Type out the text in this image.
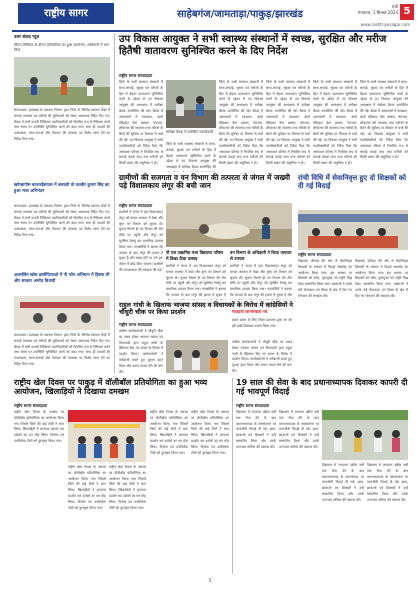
राष्ट्रीय सागर	साहेबगंज/जामताड़ा/पाकुड़/झारखंड
रांची
मंगलवार, 1 सितंबर 2024 5
www.rashtriyasagar.com
उत्तर संवाद न्यूज़
सीएम मिनिस्टर के दौरान प्रतियोगिता का हुआ आयोजन, अभियानों में भाग लिया
संवाददाता। झारखंड के स्वास्थ्य विभाग द्वारा जिले के विभिन्न स्वास्थ्य केंद्रों में सफाई व्यवस्था एवं मरीजों की सुविधाओं को लेकर आवश्यक निर्देश दिए गए। बैठक में सभी प्रभारी चिकित्सा पदाधिकारियों को नियमित रूप से निरीक्षण करने तथा समय पर उपस्थिति सुनिश्चित करने को कहा गया। साथ ही दवाओं की उपलब्धता, साफ-सफाई और पेयजल की व्यवस्था पर विशेष ध्यान देने का निर्देश दिया गया।
खरेरबागोस बाजारहैसाउस में बलवती तो तलवीर कुमार सिंह का हुआ भव्य अभिनंदन
संवाददाता। झारखंड के स्वास्थ्य विभाग द्वारा जिले के विभिन्न स्वास्थ्य केंद्रों में सफाई व्यवस्था एवं मरीजों की सुविधाओं को लेकर आवश्यक निर्देश दिए गए। बैठक में सभी प्रभारी चिकित्सा पदाधिकारियों को नियमित रूप से निरीक्षण करने तथा समय पर उपस्थिति सुनिश्चित करने को कहा गया। साथ ही दवाओं की उपलब्धता, साफ-सफाई और पेयजल की व्यवस्था पर विशेष ध्यान देने का निर्देश दिया गया।
अलसीबैग खोस इस्तीफियाओ में पी फोन अभियान में हिस्सा ली और सरकार अमरेठ विधायी
संवाददाता। झारखंड के स्वास्थ्य विभाग द्वारा जिले के विभिन्न स्वास्थ्य केंद्रों में सफाई व्यवस्था एवं मरीजों की सुविधाओं को लेकर आवश्यक निर्देश दिए गए। बैठक में सभी प्रभारी चिकित्सा पदाधिकारियों को नियमित रूप से निरीक्षण करने तथा समय पर उपस्थिति सुनिश्चित करने को कहा गया। साथ ही दवाओं की उपलब्धता, साफ-सफाई और पेयजल की व्यवस्था पर विशेष ध्यान देने का निर्देश दिया गया।
उप विकास आयुक्त ने सभी स्वास्थ्य संस्थानों में स्वच्छ, सुरक्षित और मरीज हितैषी वातावरण सुनिश्चित करने के दिए निर्देश
राष्ट्रीय सागर संवाददाता
जिले के सभी स्वास्थ्य संस्थानों में साफ-सफाई, सुरक्षा एवं मरीजों के हित में बेहतर वातावरण सुनिश्चित करने के उद्देश्य से उप विकास आयुक्त की अध्यक्षता में समीक्षा बैठक आयोजित की गई। बैठक में अस्पतालों में स्वच्छता, बायो मेडिकल वेस्ट प्रबंधन, पेयजल, शौचालय की व्यवस्था तथा मरीजों के बैठने की सुविधा पर विस्तार से चर्चा की गई। उप विकास आयुक्त ने सभी पदाधिकारियों को निर्देश दिया कि अस्पताल परिसर में नियमित रूप से सफाई कराई जाए तथा मरीजों को किसी प्रकार की असुविधा न हो।
समीक्षा बैठक में उपस्थित पदाधिकारी
जिले के सभी स्वास्थ्य संस्थानों में साफ-सफाई, सुरक्षा एवं मरीजों के हित में बेहतर वातावरण सुनिश्चित करने के उद्देश्य से उप विकास आयुक्त की अध्यक्षता में समीक्षा बैठक आयोजित की
जिले के सभी स्वास्थ्य संस्थानों में साफ-सफाई, सुरक्षा एवं मरीजों के हित में बेहतर वातावरण सुनिश्चित करने के उद्देश्य से उप विकास आयुक्त की अध्यक्षता में समीक्षा बैठक आयोजित की गई। बैठक में अस्पतालों में स्वच्छता, बायो मेडिकल वेस्ट प्रबंधन, पेयजल, शौचालय की व्यवस्था तथा मरीजों के बैठने की सुविधा पर विस्तार से चर्चा की गई। उप विकास आयुक्त ने सभी पदाधिकारियों को निर्देश दिया कि अस्पताल परिसर में नियमित रूप से सफाई कराई जाए तथा मरीजों को किसी प्रकार की असुविधा न हो।
जिले के सभी स्वास्थ्य संस्थानों में साफ-सफाई, सुरक्षा एवं मरीजों के हित में बेहतर वातावरण सुनिश्चित करने के उद्देश्य से उप विकास आयुक्त की अध्यक्षता में समीक्षा बैठक आयोजित की गई। बैठक में अस्पतालों में स्वच्छता, बायो मेडिकल वेस्ट प्रबंधन, पेयजल, शौचालय की व्यवस्था तथा मरीजों के बैठने की सुविधा पर विस्तार से चर्चा की गई। उप विकास आयुक्त ने सभी पदाधिकारियों को निर्देश दिया कि अस्पताल परिसर में नियमित रूप से सफाई कराई जाए तथा मरीजों को किसी प्रकार की असुविधा न हो।
जिले के सभी स्वास्थ्य संस्थानों में साफ-सफाई, सुरक्षा एवं मरीजों के हित में बेहतर वातावरण सुनिश्चित करने के उद्देश्य से उप विकास आयुक्त की अध्यक्षता में समीक्षा बैठक आयोजित की गई। बैठक में अस्पतालों में स्वच्छता, बायो मेडिकल वेस्ट प्रबंधन, पेयजल, शौचालय की व्यवस्था तथा मरीजों के बैठने की सुविधा पर विस्तार से चर्चा की गई। उप विकास आयुक्त ने सभी पदाधिकारियों को निर्देश दिया कि अस्पताल परिसर में नियमित रूप से सफाई कराई जाए तथा मरीजों को किसी प्रकार की असुविधा न हो।
जिले के सभी स्वास्थ्य संस्थानों में साफ-सफाई, सुरक्षा एवं मरीजों के हित में बेहतर वातावरण सुनिश्चित करने के उद्देश्य से उप विकास आयुक्त की अध्यक्षता में समीक्षा बैठक आयोजित की गई। बैठक में अस्पतालों में स्वच्छता, बायो मेडिकल वेस्ट प्रबंधन, पेयजल, शौचालय की व्यवस्था तथा मरीजों के बैठने की सुविधा पर विस्तार से चर्चा की गई। उप विकास आयुक्त ने सभी पदाधिकारियों को निर्देश दिया कि अस्पताल परिसर में नियमित रूप से सफाई कराई जाए तथा मरीजों को किसी प्रकार की असुविधा न हो।
ग्रामीणों की सजगता व वन विभाग की तत्परता से जंगल में जख्मी पड़े विशालकाय लंगूर की बची जान
राष्ट्रीय सागर संवाददाता
ग्रामीणों ने जंगल में एक विशालकाय लंगूर को घायल अवस्था में देखा और तुरंत वन विभाग को सूचना दी। सूचना मिलते ही वन विभाग की टीम मौके पर पहुंची और लंगूर को सुरक्षित रेस्क्यू कर प्राथमिक उपचार किया गया। वनकर्मियों ने बताया कि उपचार के बाद लंगूर की हालत में सुधार है और स्वस्थ होने पर उसे पुनः जंगल में छोड़ दिया जाएगा। ग्रामीणों की जागरूकता की सराहना की गई।
पी एस उत्क्रमित मध्य विद्यालय परिसर में दिखा ऊँचा उत्साह
ग्रामीणों ने जंगल में एक विशालकाय लंगूर को घायल अवस्था में देखा और तुरंत वन विभाग को सूचना दी। सूचना मिलते ही वन विभाग की टीम मौके पर पहुंची और लंगूर को सुरक्षित रेस्क्यू कर प्राथमिक उपचार किया गया। वनकर्मियों ने बताया कि उपचार के बाद लंगूर की हालत में सुधार है
वन विभाग के अधिकारी ने किया तत्परता से उपचार
ग्रामीणों ने जंगल में एक विशालकाय लंगूर को घायल अवस्था में देखा और तुरंत वन विभाग को सूचना दी। सूचना मिलते ही वन विभाग की टीम मौके पर पहुंची और लंगूर को सुरक्षित रेस्क्यू कर प्राथमिक उपचार किया गया। वनकर्मियों ने बताया कि उपचार के बाद लंगूर की हालत में सुधार है और
रांची विधि में सेवानिवृत्त हुए दो शिक्षकों को दी गई विदाई
राष्ट्रीय सागर संवाददाता
विद्यालय परिवार की ओर से सेवानिवृत्त शिक्षकों के सम्मान में विदाई समारोह का आयोजन किया गया। इस अवसर पर शिक्षकों को शॉल, पुष्पगुच्छ एवं स्मृति चिह्न देकर सम्मानित किया गया। वक्ताओं ने उनके लंबे सेवाकाल एवं शिक्षा के क्षेत्र में दिए गए योगदान की सराहना की।
विद्यालय परिवार की ओर से सेवानिवृत्त शिक्षकों के सम्मान में विदाई समारोह का आयोजन किया गया। इस अवसर पर शिक्षकों को शॉल, पुष्पगुच्छ एवं स्मृति चिह्न देकर सम्मानित किया गया। वक्ताओं ने उनके लंबे सेवाकाल एवं शिक्षा के क्षेत्र में दिए गए योगदान की सराहना की।
मतदाता जागरूकता रथ
प्रचार प्रसार के लिए जिला प्रशासन द्वारा रथ को हरी झंडी दिखाकर रवाना किया गया।
राहुल गांधी के खिलाफ भाजपा सांसद व विधायकों के विरोध में कांग्रेसियों ने चौधुरी चौक पर किया प्रदर्शन
राष्ट्रीय सागर संवाददाता
कांग्रेस कार्यकर्ताओं ने चौधुरी चौक पर एकत्र होकर भाजपा सांसद एवं विधायकों द्वारा राहुल गांधी के खिलाफ दिए गए बयान के विरोध में प्रदर्शन किया। कार्यकर्ताओं ने नारेबाजी करते हुए पुतला दहन किया और बयान वापस लेने की मांग की।
कांग्रेस कार्यकर्ताओं ने चौधुरी चौक पर एकत्र होकर भाजपा सांसद एवं विधायकों द्वारा राहुल गांधी के खिलाफ दिए गए बयान के विरोध में प्रदर्शन किया। कार्यकर्ताओं ने नारेबाजी करते हुए पुतला दहन किया और बयान वापस लेने की मांग की।
राष्ट्रीय खेल दिवस पर पाकुड़ में वॉलीबॉल प्रतियोगिता का हुआ भव्य आयोजन, खिलाड़ियों ने दिखाया दमखम
राष्ट्रीय सागर संवाददाता
राष्ट्रीय खेल दिवस के अवसर पर वॉलीबॉल प्रतियोगिता का आयोजन किया गया जिसमें जिले की कई टीमों ने भाग लिया। खिलाड़ियों ने शानदार प्रदर्शन कर दर्शकों का मन मोह लिया। विजेता एवं उपविजेता टीमों को पुरस्कृत किया गया।
राष्ट्रीय खेल दिवस के अवसर पर वॉलीबॉल प्रतियोगिता का आयोजन किया गया जिसमें जिले की कई टीमों ने भाग लिया। खिलाड़ियों ने शानदार प्रदर्शन कर दर्शकों का मन मोह लिया। विजेता एवं उपविजेता टीमों को पुरस्कृत किया गया।
राष्ट्रीय खेल दिवस के अवसर पर वॉलीबॉल प्रतियोगिता का आयोजन किया गया जिसमें जिले की कई टीमों ने भाग लिया। खिलाड़ियों ने शानदार प्रदर्शन कर दर्शकों का मन मोह लिया। विजेता एवं उपविजेता टीमों को पुरस्कृत किया गया।
राष्ट्रीय खेल दिवस के अवसर पर वॉलीबॉल प्रतियोगिता का आयोजन किया गया जिसमें जिले की कई टीमों ने भाग लिया। खिलाड़ियों ने शानदार प्रदर्शन कर दर्शकों का मन मोह लिया। विजेता एवं उपविजेता टीमों को पुरस्कृत किया गया।
राष्ट्रीय खेल दिवस के अवसर पर वॉलीबॉल प्रतियोगिता का आयोजन किया गया जिसमें जिले की कई टीमों ने भाग लिया। खिलाड़ियों ने शानदार प्रदर्शन कर दर्शकों का मन मोह लिया। विजेता एवं उपविजेता टीमों को पुरस्कृत किया गया।
19 साल की सेवा के बाद प्रधानाध्यापक दिवाकर कापरी दी गई भावपूर्ण विदाई
राष्ट्रीय सागर संवाददाता
विद्यालय में लगातार उन्नीस वर्षों तक सेवा देने के बाद प्रधानाध्यापक के स्थानांतरण पर भावभीनी विदाई दी गई। छात्र-छात्राओं एवं शिक्षकों ने उन्हें सम्मानित किया और उनके उज्ज्वल भविष्य की कामना की।
विद्यालय में लगातार उन्नीस वर्षों तक सेवा देने के बाद प्रधानाध्यापक के स्थानांतरण पर भावभीनी विदाई दी गई। छात्र-छात्राओं एवं शिक्षकों ने उन्हें सम्मानित किया और उनके उज्ज्वल भविष्य की कामना की।
विद्यालय में लगातार उन्नीस वर्षों तक सेवा देने के बाद प्रधानाध्यापक के स्थानांतरण पर भावभीनी विदाई दी गई। छात्र-छात्राओं एवं शिक्षकों ने उन्हें सम्मानित किया और उनके उज्ज्वल भविष्य की कामना की।
विद्यालय में लगातार उन्नीस वर्षों तक सेवा देने के बाद प्रधानाध्यापक के स्थानांतरण पर भावभीनी विदाई दी गई। छात्र-छात्राओं एवं शिक्षकों ने उन्हें सम्मानित किया और उनके उज्ज्वल भविष्य की कामना की।
5
